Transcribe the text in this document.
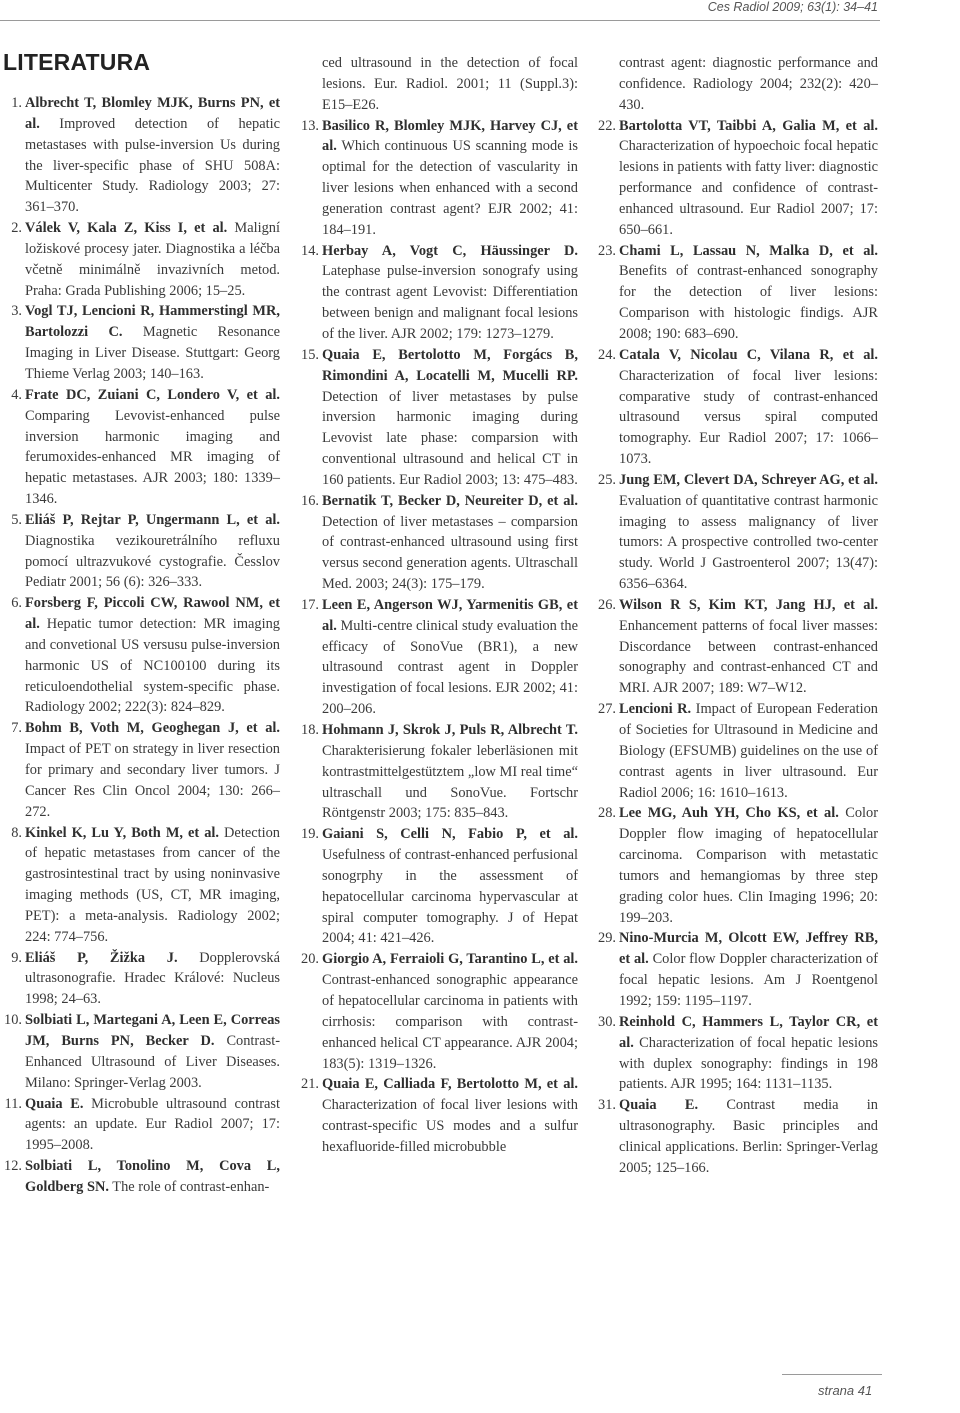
Ces Radiol 2009; 63(1): 34–41
LITERATURA
1. Albrecht T, Blomley MJK, Burns PN, et al. Improved detection of hepatic metastases with pulse-inversion Us during the liver-specific phase of SHU 508A: Multicenter Study. Radiology 2003; 27: 361–370.
2. Válek V, Kala Z, Kiss I, et al. Maligní ložiskové procesy jater. Diagnostika a léčba včetně minimálně invazivních metod. Praha: Grada Publishing 2006; 15–25.
3. Vogl TJ, Lencioni R, Hammerstingl MR, Bartolozzi C. Magnetic Resonance Imaging in Liver Disease. Stuttgart: Georg Thieme Verlag 2003; 140–163.
4. Frate DC, Zuiani C, Londero V, et al. Comparing Levovist-enhanced pulse inversion harmonic imaging and ferumoxides-enhanced MR imaging of hepatic metastases. AJR 2003; 180: 1339–1346.
5. Eliáš P, Rejtar P, Ungermann L, et al. Diagnostika vezikouretrálního refluxu pomocí ultrazvukové cystografie. Česslov Pediatr 2001; 56 (6): 326–333.
6. Forsberg F, Piccoli CW, Rawool NM, et al. Hepatic tumor detection: MR imaging and convetional US versusu pulse-inversion harmonic US of NC100100 during its reticuloendothelial system-specific phase. Radiology 2002; 222(3): 824–829.
7. Bohm B, Voth M, Geoghegan J, et al. Impact of PET on strategy in liver resection for primary and secondary liver tumors. J Cancer Res Clin Oncol 2004; 130: 266–272.
8. Kinkel K, Lu Y, Both M, et al. Detection of hepatic metastases from cancer of the gastrosintestinal tract by using noninvasive imaging methods (US, CT, MR imaging, PET): a meta-analysis. Radiology 2002; 224: 774–756.
9. Eliáš P, Žižka J. Dopplerovská ultrasonografie. Hradec Králové: Nucleus 1998; 24–63.
10. Solbiati L, Martegani A, Leen E, Correas JM, Burns PN, Becker D. Contrast-Enhanced Ultrasound of Liver Diseases. Milano: Springer-Verlag 2003.
11. Quaia E. Microbuble ultrasound contrast agents: an update. Eur Radiol 2007; 17: 1995–2008.
12. Solbiati L, Tonolino M, Cova L, Goldberg SN. The role of contrast-enhan-
ced ultrasound in the detection of focal lesions. Eur. Radiol. 2001; 11 (Suppl.3): E15–E26.
13. Basilico R, Blomley MJK, Harvey CJ, et al. Which continuous US scanning mode is optimal for the detection of vascularity in liver lesions when enhanced with a second generation contrast agent? EJR 2002; 41: 184–191.
14. Herbay A, Vogt C, Häussinger D. Latephase pulse-inversion sonografy using the contrast agent Levovist: Differentiation between benign and malignant focal lesions of the liver. AJR 2002; 179: 1273–1279.
15. Quaia E, Bertolotto M, Forgács B, Rimondini A, Locatelli M, Mucelli RP. Detection of liver metastases by pulse inversion harmonic imaging during Levovist late phase: comparsion with conventional ultrasound and helical CT in 160 patients. Eur Radiol 2003; 13: 475–483.
16. Bernatik T, Becker D, Neureiter D, et al. Detection of liver metastases – comparsion of contrast-enhanced ultrasound using first versus second generation agents. Ultraschall Med. 2003; 24(3): 175–179.
17. Leen E, Angerson WJ, Yarmenitis GB, et al. Multi-centre clinical study evaluation the efficacy of SonoVue (BR1), a new ultrasound contrast agent in Doppler investigation of focal lesions. EJR 2002; 41: 200–206.
18. Hohmann J, Skrok J, Puls R, Albrecht T. Charakterisierung fokaler leberläsionen mit kontrastmittelgestütztem „low MI real time“ ultraschall und SonoVue. Fortschr Röntgenstr 2003; 175: 835–843.
19. Gaiani S, Celli N, Fabio P, et al. Usefulness of contrast-enhanced perfusional sonogrphy in the assessment of hepatocellular carcinoma hypervascular at spiral computer tomography. J of Hepat 2004; 41: 421–426.
20. Giorgio A, Ferraioli G, Tarantino L, et al. Contrast-enhanced sonographic appearance of hepatocellular carcinoma in patients with cirrhosis: comparison with contrast-enhanced helical CT appearance. AJR 2004; 183(5): 1319–1326.
21. Quaia E, Calliada F, Bertolotto M, et al. Characterization of focal liver lesions with contrast-specific US modes and a sulfur hexafluoride-filled microbubble
contrast agent: diagnostic performance and confidence. Radiology 2004; 232(2): 420–430.
22. Bartolotta VT, Taibbi A, Galia M, et al. Characterization of hypoechoic focal hepatic lesions in patients with fatty liver: diagnostic performance and confidence of contrast-enhanced ultrasound. Eur Radiol 2007; 17: 650–661.
23. Chami L, Lassau N, Malka D, et al. Benefits of contrast-enhanced sonography for the detection of liver lesions: Comparison with histologic findigs. AJR 2008; 190: 683–690.
24. Catala V, Nicolau C, Vilana R, et al. Characterization of focal liver lesions: comparative study of contrast-enhanced ultrasound versus spiral computed tomography. Eur Radiol 2007; 17: 1066–1073.
25. Jung EM, Clevert DA, Schreyer AG, et al. Evaluation of quantitative contrast harmonic imaging to assess malignancy of liver tumors: A prospective controlled two-center study. World J Gastroenterol 2007; 13(47): 6356–6364.
26. Wilson R S, Kim KT, Jang HJ, et al. Enhancement patterns of focal liver masses: Discordance between contrast-enhanced sonography and contrast-enhanced CT and MRI. AJR 2007; 189: W7–W12.
27. Lencioni R. Impact of European Federation of Societies for Ultrasound in Medicine and Biology (EFSUMB) guidelines on the use of contrast agents in liver ultrasound. Eur Radiol 2006; 16: 1610–1613.
28. Lee MG, Auh YH, Cho KS, et al. Color Doppler flow imaging of hepatocellular carcinoma. Comparison with metastatic tumors and hemangiomas by three step grading color hues. Clin Imaging 1996; 20: 199–203.
29. Nino-Murcia M, Olcott EW, Jeffrey RB, et al. Color flow Doppler characterization of focal hepatic lesions. Am J Roentgenol 1992; 159: 1195–1197.
30. Reinhold C, Hammers L, Taylor CR, et al. Characterization of focal hepatic lesions with duplex sonography: findings in 198 patients. AJR 1995; 164: 1131–1135.
31. Quaia E. Contrast media in ultrasonography. Basic principles and clinical applications. Berlin: Springer-Verlag 2005; 125–166.
strana 41
